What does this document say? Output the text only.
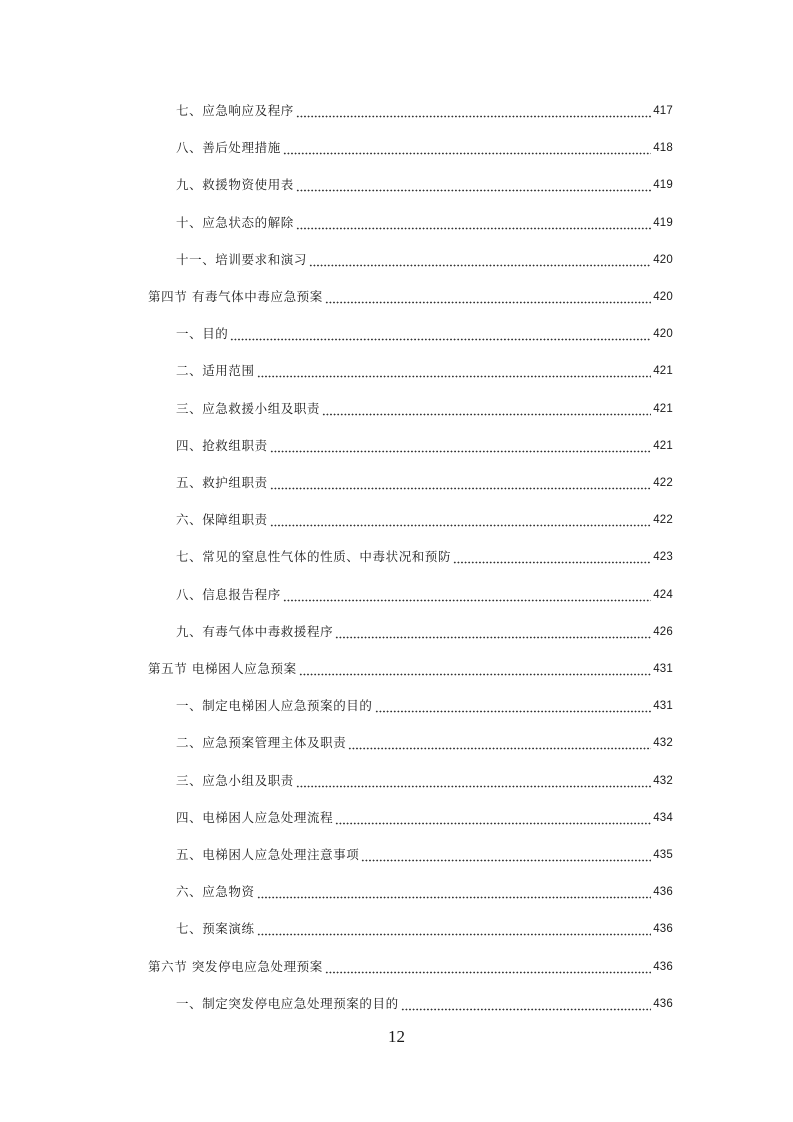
七、应急响应及程序	417
八、善后处理措施	418
九、救援物资使用表	419
十、应急状态的解除	419
十一、培训要求和演习	420
第四节 有毒气体中毒应急预案	420
一、目的	420
二、适用范围	421
三、应急救援小组及职责	421
四、抢救组职责	421
五、救护组职责	422
六、保障组职责	422
七、常见的窒息性气体的性质、中毒状况和预防	423
八、信息报告程序	424
九、有毒气体中毒救援程序	426
第五节 电梯困人应急预案	431
一、制定电梯困人应急预案的目的	431
二、应急预案管理主体及职责	432
三、应急小组及职责	432
四、电梯困人应急处理流程	434
五、电梯困人应急处理注意事项	435
六、应急物资	436
七、预案演练	436
第六节 突发停电应急处理预案	436
一、制定突发停电应急处理预案的目的	436
12
